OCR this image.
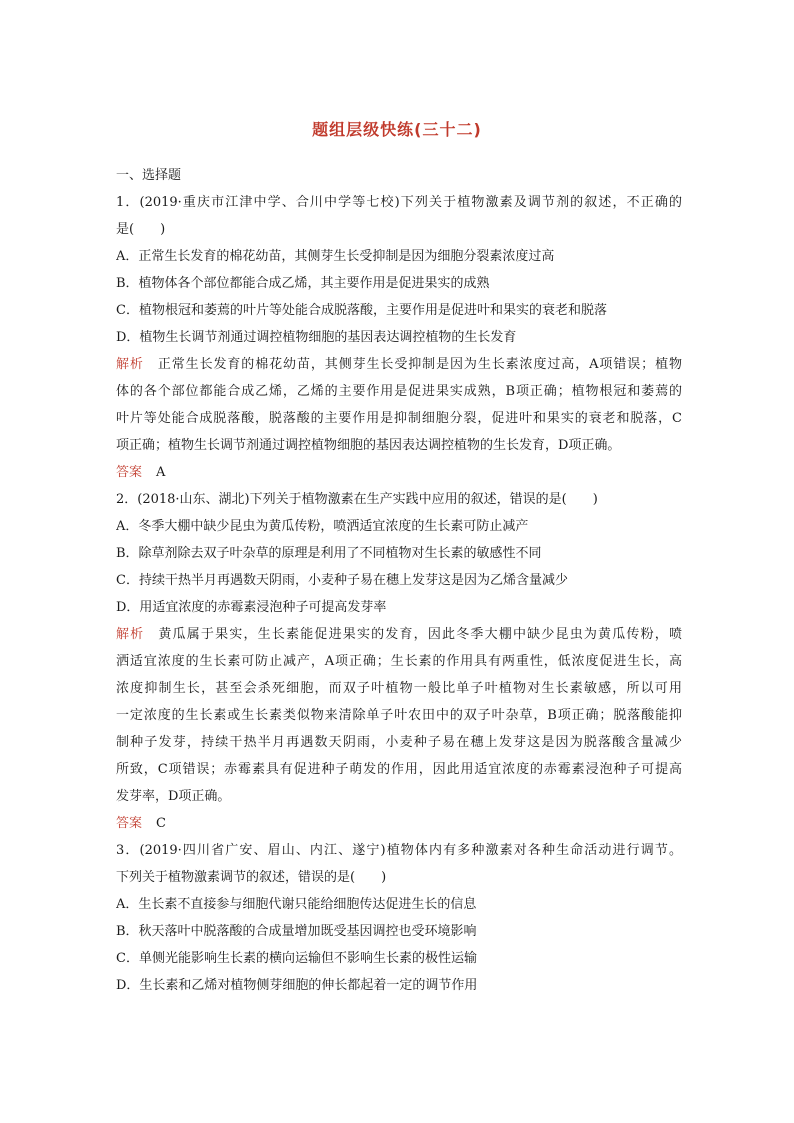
题组层级快练(三十二)
一、选择题
1．(2019·重庆市江津中学、合川中学等七校)下列关于植物激素及调节剂的叙述，不正确的
是(　　)
A．正常生长发育的棉花幼苗，其侧芽生长受抑制是因为细胞分裂素浓度过高
B．植物体各个部位都能合成乙烯，其主要作用是促进果实的成熟
C．植物根冠和萎蔫的叶片等处能合成脱落酸，主要作用是促进叶和果实的衰老和脱落
D．植物生长调节剂通过调控植物细胞的基因表达调控植物的生长发育
解析 正常生长发育的棉花幼苗，其侧芽生长受抑制是因为生长素浓度过高，A项错误；植物
体的各个部位都能合成乙烯，乙烯的主要作用是促进果实成熟，B项正确；植物根冠和萎蔫的
叶片等处能合成脱落酸，脱落酸的主要作用是抑制细胞分裂，促进叶和果实的衰老和脱落，C
项正确；植物生长调节剂通过调控植物细胞的基因表达调控植物的生长发育，D项正确。
答案 A
2．(2018·山东、湖北)下列关于植物激素在生产实践中应用的叙述，错误的是(　　)
A．冬季大棚中缺少昆虫为黄瓜传粉，喷洒适宜浓度的生长素可防止减产
B．除草剂除去双子叶杂草的原理是利用了不同植物对生长素的敏感性不同
C．持续干热半月再遇数天阴雨，小麦种子易在穗上发芽这是因为乙烯含量减少
D．用适宜浓度的赤霉素浸泡种子可提高发芽率
解析 黄瓜属于果实，生长素能促进果实的发育，因此冬季大棚中缺少昆虫为黄瓜传粉，喷
洒适宜浓度的生长素可防止减产，A项正确；生长素的作用具有两重性，低浓度促进生长，高
浓度抑制生长，甚至会杀死细胞，而双子叶植物一般比单子叶植物对生长素敏感，所以可用
一定浓度的生长素或生长素类似物来清除单子叶农田中的双子叶杂草，B项正确；脱落酸能抑
制种子发芽，持续干热半月再遇数天阴雨，小麦种子易在穗上发芽这是因为脱落酸含量减少
所致，C项错误；赤霉素具有促进种子萌发的作用，因此用适宜浓度的赤霉素浸泡种子可提高
发芽率，D项正确。
答案 C
3．(2019·四川省广安、眉山、内江、遂宁)植物体内有多种激素对各种生命活动进行调节。
下列关于植物激素调节的叙述，错误的是(　　)
A．生长素不直接参与细胞代谢只能给细胞传达促进生长的信息
B．秋天落叶中脱落酸的合成量增加既受基因调控也受环境影响
C．单侧光能影响生长素的横向运输但不影响生长素的极性运输
D．生长素和乙烯对植物侧芽细胞的伸长都起着一定的调节作用
